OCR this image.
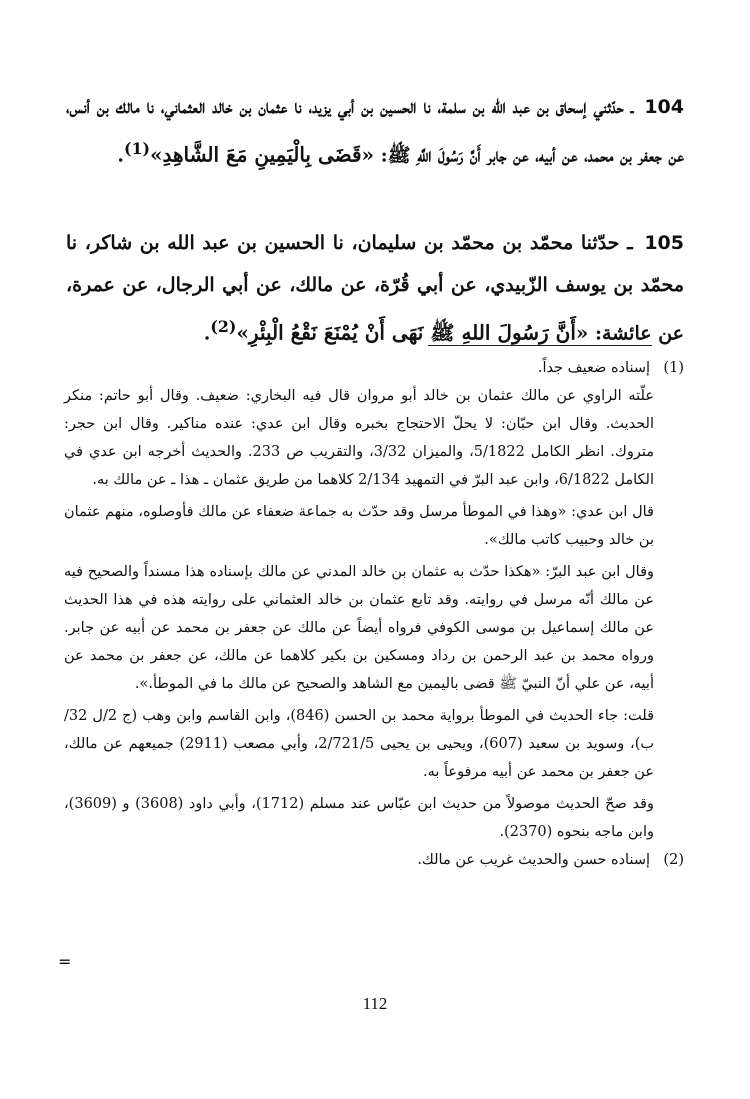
104 ـ حدّثني إسحاق بن عبد الله بن سلمة، نا الحسين بن أبي يزيد، نا عثمان بن خالد العثماني، نا مالك بن أنس، عن جعفر بن محمد، عن أبيه، عن جابر أَنَّ رَسُولَ اللَّهِ ﷺ: «قَضَى بِالْيَمِينِ مَعَ الشَّاهِدِ»$^{(1)}$.
105 ـ حدّثنا محمّد بن محمّد بن سليمان، نا الحسين بن عبد الله بن شاكر، نا محمّد بن يوسف الزّبيدي، عن أبي قُرّة، عن مالك، عن أبي الرجال، عن عمرة، عن عائشة: «أَنَّ رَسُولَ اللهِ ﷺ نَهَى أَنْ يُمْنَعَ نَقْعُ الْبِئْرِ»$^{(2)}$.
(1)
إسناده ضعيف جداً.

علّته الراوي عن مالك عثمان بن خالد أبو مروان قال فيه البخاري: ضعيف. وقال أبو حاتم: منكر الحديث. وقال ابن حبّان: لا يحلّ الاحتجاج بخبره وقال ابن عدي: عنده مناكير. وقال ابن حجر: متروك. انظر الكامل 5/1822، والميزان 3/32، والتقريب ص 233. والحديث أخرجه ابن عدي في الكامل 6/1822، وابن عبد البرّ في التمهيد 2/134 كلاهما من طريق عثمان ـ هذا ـ عن مالك به.

قال ابن عدي: «وهذا في الموطأ مرسل وقد حدّث به جماعة ضعفاء عن مالك فأوصلوه، منهم عثمان بن خالد وحبيب كاتب مالك».

وقال ابن عبد البرّ: «هكذا حدّث به عثمان بن خالد المدني عن مالك بإسناده هذا مسنداً والصحيح فيه عن مالك أنّه مرسل في روايته. وقد تابع عثمان بن خالد العثماني على روايته هذه في هذا الحديث عن مالك إسماعيل بن موسى الكوفي فرواه أيضاً عن مالك عن جعفر بن محمد عن أبيه عن جابر. ورواه محمد بن عبد الرحمن بن رداد ومسكين بن بكير كلاهما عن مالك، عن جعفر بن محمد عن أبيه، عن علي أنّ النبيّ ﷺ قضى باليمين مع الشاهد والصحيح عن مالك ما في الموطأ.».

قلت: جاء الحديث في الموطأ برواية محمد بن الحسن (846)، وابن القاسم وابن وهب (ج 2/ل 32/ب)، وسويد بن سعيد (607)، ويحيى بن يحيى 2/721/5، وأبي مصعب (2911) جميعهم عن مالك، عن جعفر بن محمد عن أبيه مرفوعاً به.

وقد صحّ الحديث موصولاً من حديث ابن عبّاس عند مسلم (1712)، وأبي داود (3608) و (3609)، وابن ماجه بنحوه (2370).

(2)
إسناده حسن والحديث غريب عن مالك.
=
112
